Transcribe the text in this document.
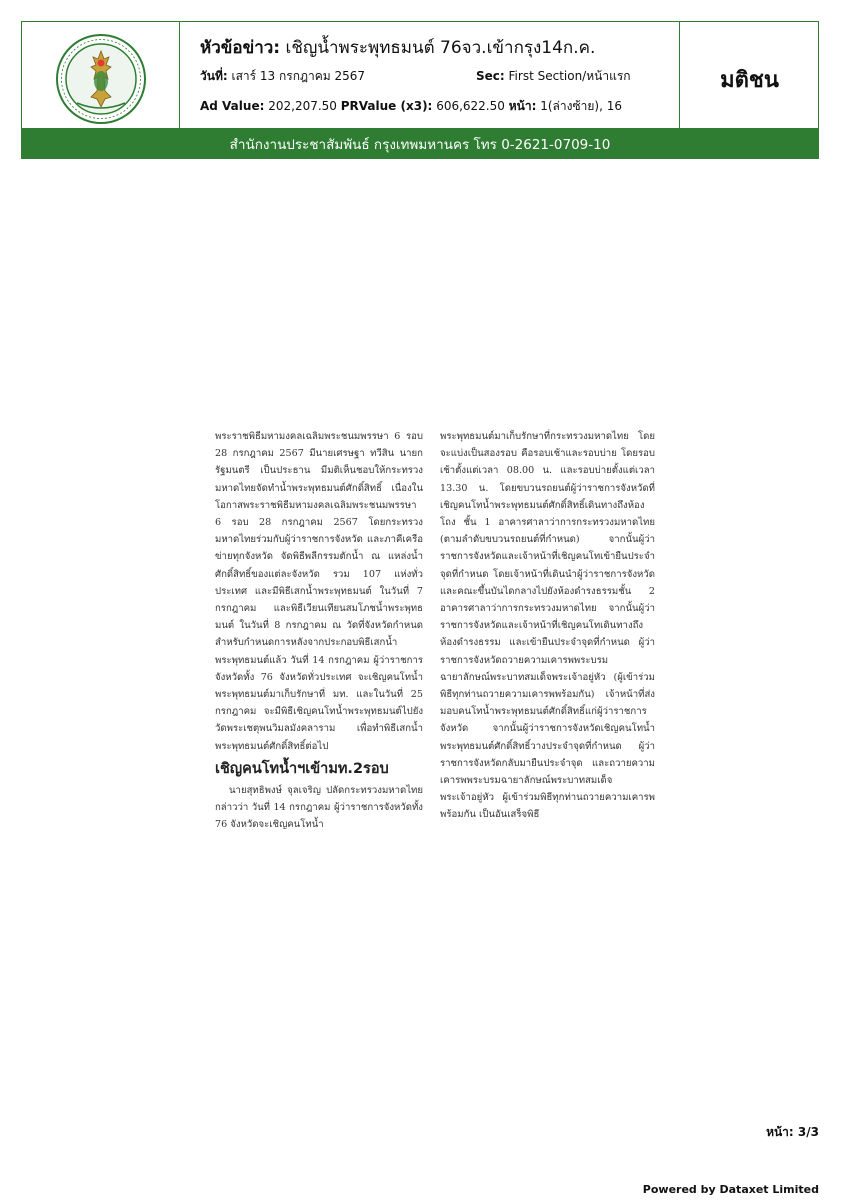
หัวข้อข่าว: เชิญน้ำพระพุทธมนต์ 76จว.เข้ากรุง14ก.ค.
วันที่: เสาร์ 13 กรกฎาคม 2567	Sec: First Section/หน้าแรก
Ad Value: 202,207.50 PRValue (x3): 606,622.50 หน้า: 1(ล่างซ้าย), 16
มติชน
สำนักงานประชาสัมพันธ์ กรุงเทพมหานคร โทร 0-2621-0709-10

พระราชพิธีมหามงคลเฉลิมพระชนมพรรษา 6 รอบ 28 กรกฎาคม 2567 มีนายเศรษฐา ทวีสิน นายกรัฐมนตรี เป็นประธาน มีมติเห็นชอบให้กระทรวงมหาดไทยจัดทำน้ำพระพุทธมนต์ศักดิ์สิทธิ์ เนื่องในโอกาสพระราชพิธีมหามงคลเฉลิมพระชนมพรรษา 6 รอบ 28 กรกฎาคม 2567 โดยกระทรวงมหาดไทยร่วมกับผู้ว่าราชการจังหวัด และภาคีเครือข่ายทุกจังหวัด จัดพิธีพลีกรรมตักน้ำ ณ แหล่งน้ำศักดิ์สิทธิ์ของแต่ละจังหวัด รวม 107 แห่งทั่วประเทศ และมีพิธีเสกน้ำพระพุทธมนต์ ในวันที่ 7 กรกฎาคม และพิธีเวียนเทียนสมโภชน้ำพระพุทธมนต์ ในวันที่ 8 กรกฎาคม ณ วัดที่จังหวัดกำหนดสำหรับกำหนดการหลังจากประกอบพิธีเสกน้ำพระพุทธมนต์แล้ว วันที่ 14 กรกฎาคม ผู้ว่าราชการจังหวัดทั้ง 76 จังหวัดทั่วประเทศ จะเชิญคนโทน้ำพระพุทธมนต์มาเก็บรักษาที่ มท. และในวันที่ 25 กรกฎาคม จะมีพิธีเชิญคนโทน้ำพระพุทธมนต์ไปยังวัดพระเชตุพนวิมลมังคลาราม เพื่อทำพิธีเสกน้ำพระพุทธมนต์ศักดิ์สิทธิ์ต่อไป

เชิญคนโทน้ำฯเข้ามท.2รอบ

นายสุทธิพงษ์ จุลเจริญ ปลัดกระทรวงมหาดไทย กล่าวว่า วันที่ 14 กรกฎาคม ผู้ว่าราชการจังหวัดทั้ง 76 จังหวัดจะเชิญคนโทน้ำ

พระพุทธมนต์มาเก็บรักษาที่กระทรวงมหาดไทย โดยจะแบ่งเป็นสองรอบ คือรอบเช้าและรอบบ่าย โดยรอบเช้าตั้งแต่เวลา 08.00 น. และรอบบ่ายตั้งแต่เวลา 13.30 น. โดยขบวนรถยนต์ผู้ว่าราชการจังหวัดที่เชิญคนโทน้ำพระพุทธมนต์ศักดิ์สิทธิ์เดินทางถึงห้องโถง ชั้น 1 อาคารศาลาว่าการกระทรวงมหาดไทย (ตามลำดับขบวนรถยนต์ที่กำหนด) จากนั้นผู้ว่าราชการจังหวัดและเจ้าหน้าที่เชิญคนโทเข้ายืนประจำจุดที่กำหนด โดยเจ้าหน้าที่เดินนำผู้ว่าราชการจังหวัดและคณะขึ้นบันไดกลางไปยังห้องดำรงธรรมชั้น 2 อาคารศาลาว่าการกระทรวงมหาดไทย จากนั้นผู้ว่าราชการจังหวัดและเจ้าหน้าที่เชิญคนโทเดินทางถึงห้องดำรงธรรม และเข้ายืนประจำจุดที่กำหนด ผู้ว่าราชการจังหวัดถวายความเคารพพระบรมฉายาลักษณ์พระบาทสมเด็จพระเจ้าอยู่หัว (ผู้เข้าร่วมพิธีทุกท่านถวายความเคารพพร้อมกัน) เจ้าหน้าที่ส่งมอบคนโทน้ำพระพุทธมนต์ศักดิ์สิทธิ์แก่ผู้ว่าราชการจังหวัด จากนั้นผู้ว่าราชการจังหวัดเชิญคนโทน้ำพระพุทธมนต์ศักดิ์สิทธิ์วางประจำจุดที่กำหนด ผู้ว่าราชการจังหวัดกลับมายืนประจำจุด และถวายความเคารพพระบรมฉายาลักษณ์พระบาทสมเด็จพระเจ้าอยู่หัว ผู้เข้าร่วมพิธีทุกท่านถวายความเคารพพร้อมกัน เป็นอันเสร็จพิธี

หน้า: 3/3
Powered by Dataxet Limited
